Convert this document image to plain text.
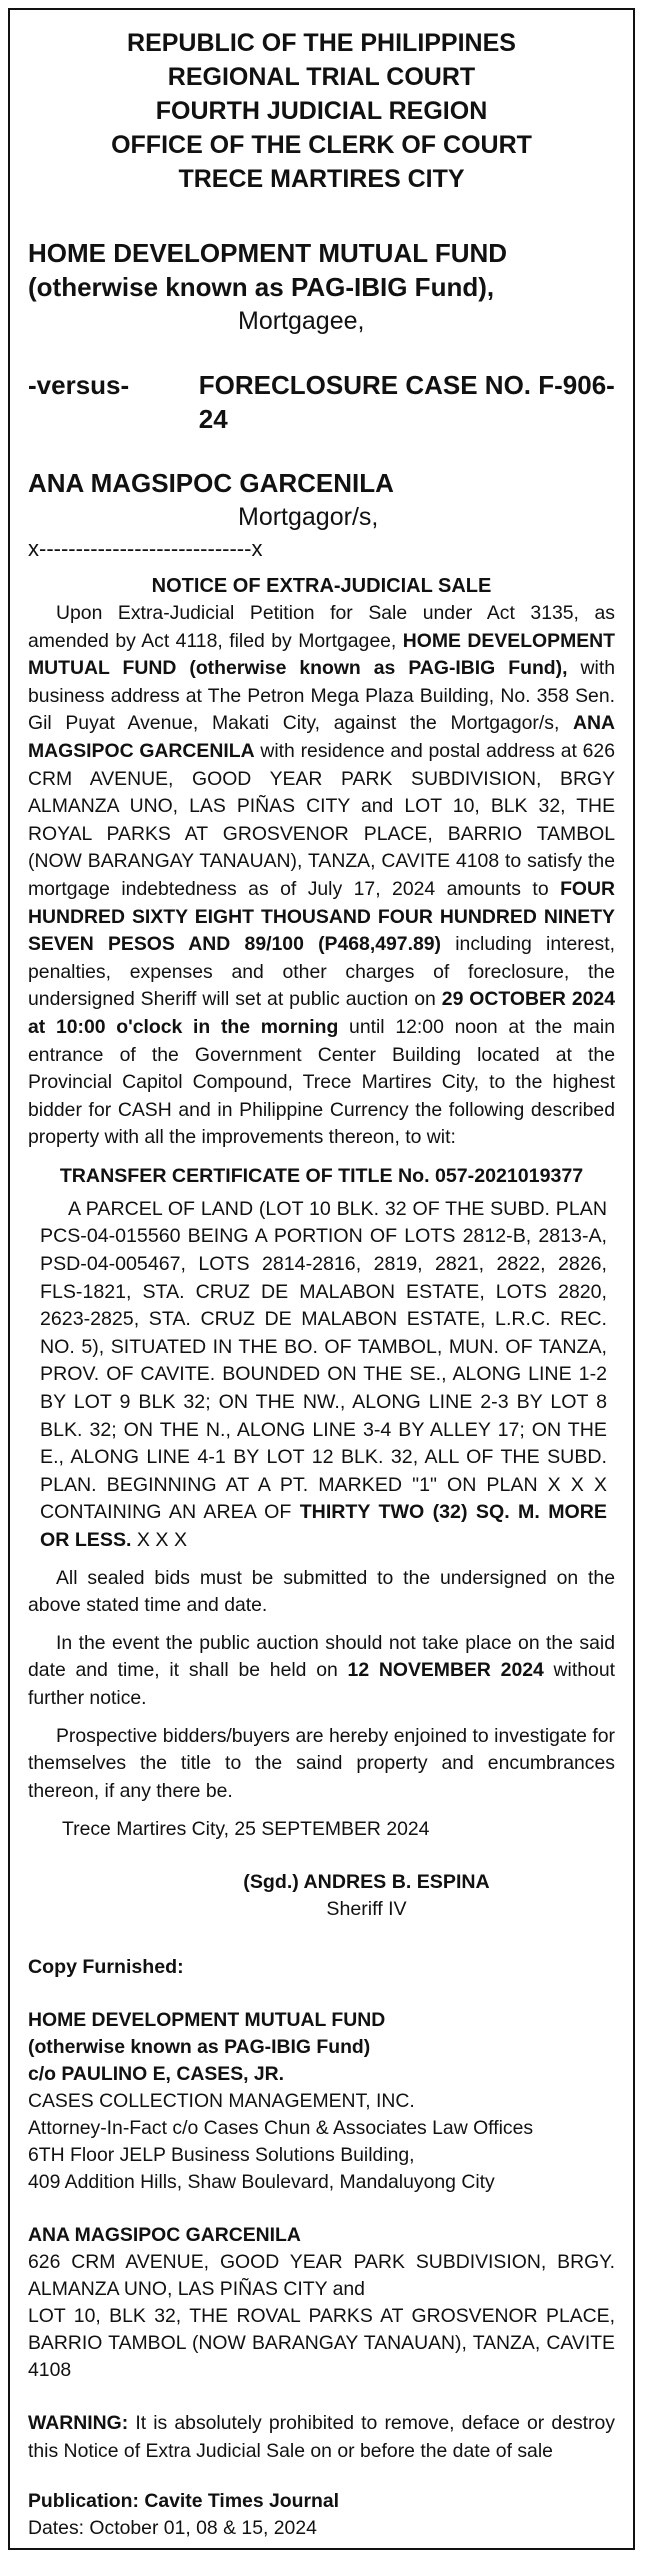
REPUBLIC OF THE PHILIPPINES
REGIONAL TRIAL COURT
FOURTH JUDICIAL REGION
OFFICE OF THE CLERK OF COURT
TRECE MARTIRES CITY
HOME DEVELOPMENT MUTUAL FUND
(otherwise known as PAG-IBIG Fund),
Mortgagee,
-versus-	FORECLOSURE CASE NO. F-906-24
ANA MAGSIPOC GARCENILA
Mortgagor/s,
x-----------------------------x
NOTICE OF EXTRA-JUDICIAL SALE

Upon Extra-Judicial Petition for Sale under Act 3135, as amended by Act 4118, filed by Mortgagee, HOME DEVELOPMENT MUTUAL FUND (otherwise known as PAG-IBIG Fund), with business address at The Petron Mega Plaza Building, No. 358 Sen. Gil Puyat Avenue, Makati City, against the Mortgagor/s, ANA MAGSIPOC GARCENILA with residence and postal address at 626 CRM AVENUE, GOOD YEAR PARK SUBDIVISION, BRGY ALMANZA UNO, LAS PIÑAS CITY and LOT 10, BLK 32, THE ROYAL PARKS AT GROSVENOR PLACE, BARRIO TAMBOL (NOW BARANGAY TANAUAN), TANZA, CAVITE 4108 to satisfy the mortgage indebtedness as of July 17, 2024 amounts to FOUR HUNDRED SIXTY EIGHT THOUSAND FOUR HUNDRED NINETY SEVEN PESOS AND 89/100 (P468,497.89) including interest, penalties, expenses and other charges of foreclosure, the undersigned Sheriff will set at public auction on 29 OCTOBER 2024 at 10:00 o'clock in the morning until 12:00 noon at the main entrance of the Government Center Building located at the Provincial Capitol Compound, Trece Martires City, to the highest bidder for CASH and in Philippine Currency the following described property with all the improvements thereon, to wit:

TRANSFER CERTIFICATE OF TITLE No. 057-2021019377
A PARCEL OF LAND (LOT 10 BLK. 32 OF THE SUBD. PLAN PCS-04-015560 BEING A PORTION OF LOTS 2812-B, 2813-A, PSD-04-005467, LOTS 2814-2816, 2819, 2821, 2822, 2826, FLS-1821, STA. CRUZ DE MALABON ESTATE, LOTS 2820, 2623-2825, STA. CRUZ DE MALABON ESTATE, L.R.C. REC. NO. 5), SITUATED IN THE BO. OF TAMBOL, MUN. OF TANZA, PROV. OF CAVITE. BOUNDED ON THE SE., ALONG LINE 1-2 BY LOT 9 BLK 32; ON THE NW., ALONG LINE 2-3 BY LOT 8 BLK. 32; ON THE N., ALONG LINE 3-4 BY ALLEY 17; ON THE E., ALONG LINE 4-1 BY LOT 12 BLK. 32, ALL OF THE SUBD. PLAN. BEGINNING AT A PT. MARKED "1" ON PLAN X X X CONTAINING AN AREA OF THIRTY TWO (32) SQ. M. MORE OR LESS. X X X

All sealed bids must be submitted to the undersigned on the above stated time and date.

In the event the public auction should not take place on the said date and time, it shall be held on 12 NOVEMBER 2024 without further notice.

Prospective bidders/buyers are hereby enjoined to investigate for themselves the title to the saind property and encumbrances thereon, if any there be.

Trece Martires City, 25 SEPTEMBER 2024
(Sgd.) ANDRES B. ESPINA
Sheriff IV
Copy Furnished:
HOME DEVELOPMENT MUTUAL FUND
(otherwise known as PAG-IBIG Fund)
c/o PAULINO E, CASES, JR.
CASES COLLECTION MANAGEMENT, INC.
Attorney-In-Fact c/o Cases Chun & Associates Law Offices
6TH Floor JELP Business Solutions Building,
409 Addition Hills, Shaw Boulevard, Mandaluyong City
ANA MAGSIPOC GARCENILA
626 CRM AVENUE, GOOD YEAR PARK SUBDIVISION, BRGY. ALMANZA UNO, LAS PIÑAS CITY and
LOT 10, BLK 32, THE ROVAL PARKS AT GROSVENOR PLACE, BARRIO TAMBOL (NOW BARANGAY TANAUAN), TANZA, CAVITE 4108
WARNING: It is absolutely prohibited to remove, deface or destroy this Notice of Extra Judicial Sale on or before the date of sale
Publication: Cavite Times Journal
Dates: October 01, 08 & 15, 2024
